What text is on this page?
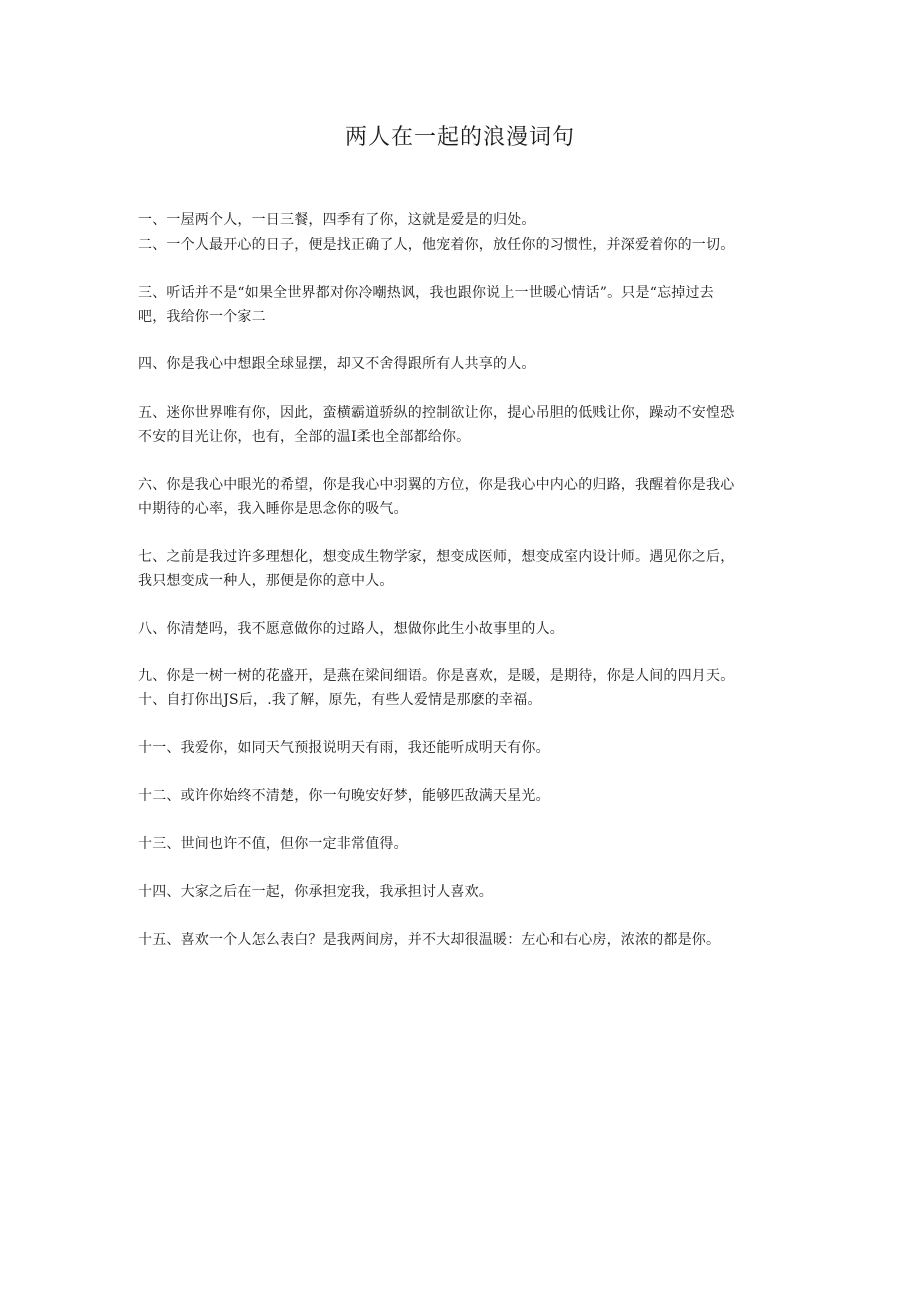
两人在一起的浪漫词句

一、一屋两个人，一日三餐，四季有了你，这就是爱是的归处。

二、一个人最开心的日子，便是找正确了人，他宠着你，放任你的习惯性，并深爱着你的一切。

三、听话并不是“如果全世界都对你冷嘲热讽，我也跟你说上一世暖心情话”。只是“忘掉过去

吧，我给你一个家二

四、你是我心中想跟全球显摆，却又不舍得跟所有人共享的人。

五、迷你世界唯有你，因此，蛮横霸道骄纵的控制欲让你，提心吊胆的低贱让你，躁动不安惶恐

不安的目光让你，也有，全部的温I柔也全部都给你。

六、你是我心中眼光的希望，你是我心中羽翼的方位，你是我心中内心的归路，我醒着你是我心

中期待的心率，我入睡你是思念你的吸气。

七、之前是我过许多理想化，想变成生物学家，想变成医师，想变成室内设计师。遇见你之后，

我只想变成一种人，那便是你的意中人。

八、你清楚吗，我不愿意做你的过路人，想做你此生小故事里的人。

九、你是一树一树的花盛开，是燕在梁间细语。你是喜欢，是暖，是期待，你是人间的四月天。

十、自打你出JS后，.我了解，原先，有些人爱情是那麽的幸福。

十一、我爱你，如同天气预报说明天有雨，我还能听成明天有你。

十二、或许你始终不清楚，你一句晚安好梦，能够匹敌满天星光。

十三、世间也许不值，但你一定非常值得。

十四、大家之后在一起，你承担宠我，我承担讨人喜欢。

十五、喜欢一个人怎么表白？是我两间房，并不大却很温暖：左心和右心房，浓浓的都是你。
